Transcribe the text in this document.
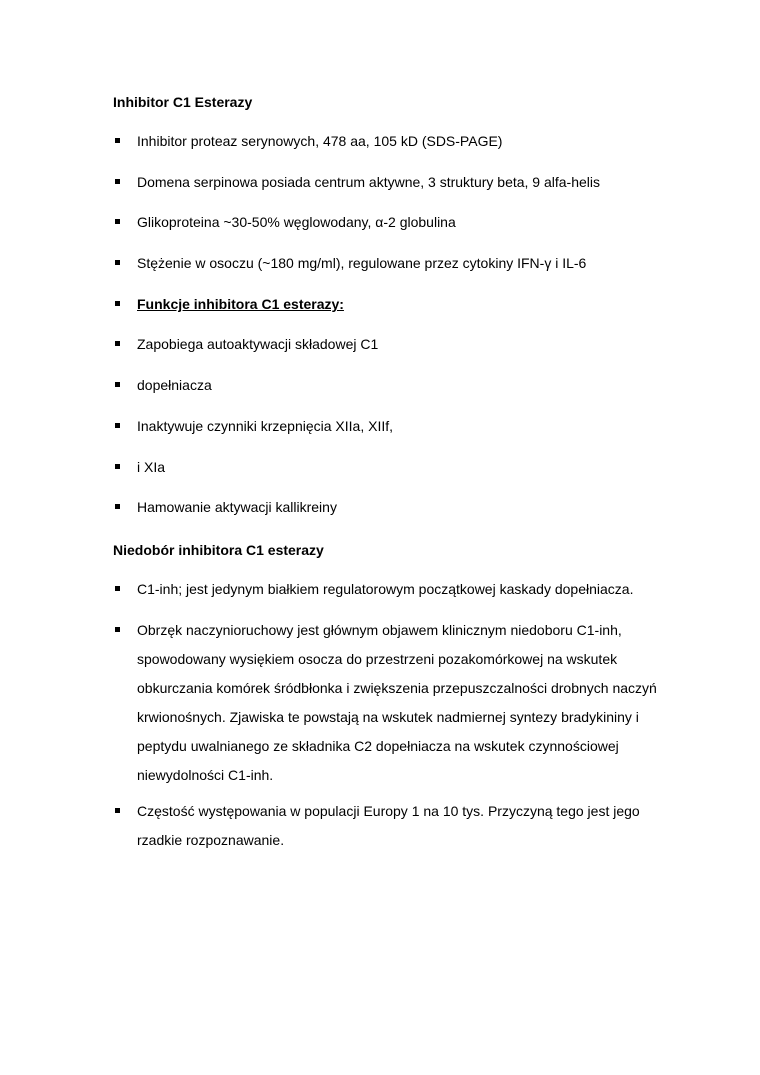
Inhibitor C1 Esterazy
Inhibitor proteaz serynowych, 478 aa, 105 kD (SDS-PAGE)
Domena serpinowa posiada centrum aktywne, 3 struktury beta, 9 alfa-helis
Glikoproteina ~30-50% węglowodany, α-2 globulina
Stężenie w osoczu (~180 mg/ml), regulowane przez cytokiny IFN-γ i IL-6
Funkcje inhibitora C1 esterazy:
Zapobiega autoaktywacji składowej C1
dopełniacza
Inaktywuje czynniki krzepnięcia XIIa, XIIf,
i XIa
Hamowanie aktywacji kallikreiny
Niedobór inhibitora C1 esterazy
C1-inh; jest jedynym białkiem regulatorowym początkowej kaskady dopełniacza.
Obrzęk naczynioruchowy jest głównym objawem klinicznym niedoboru C1-inh, spowodowany wysiękiem osocza do przestrzeni pozakomórkowej na wskutek obkurczania komórek śródbłonka i zwiększenia przepuszczalności drobnych naczyń krwionośnych. Zjawiska te powstają na wskutek nadmiernej syntezy bradykininy i peptydu uwalnianego ze składnika C2 dopełniacza na wskutek czynnościowej niewydolności C1-inh.
Częstość występowania w populacji Europy 1 na 10 tys. Przyczyną tego jest jego rzadkie rozpoznawanie.
